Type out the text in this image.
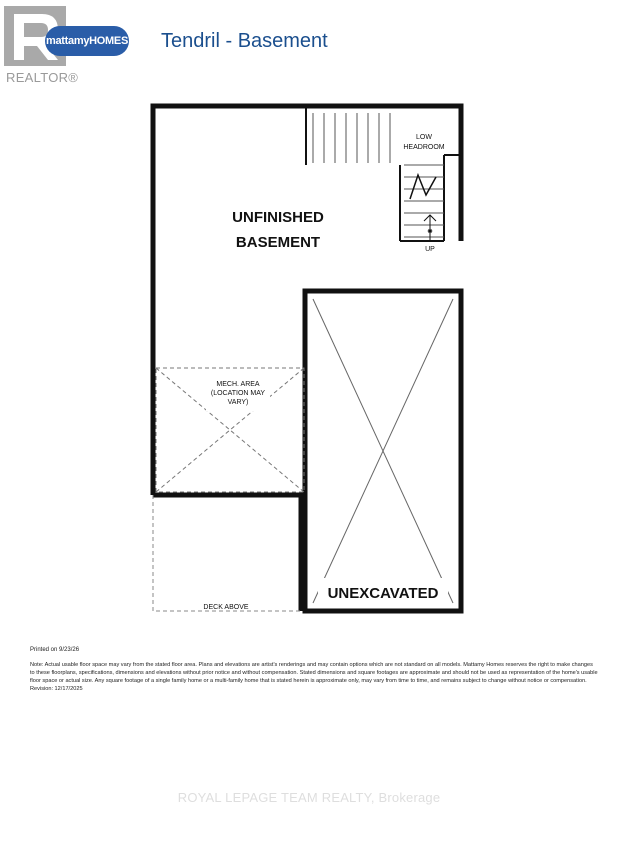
REALTOR®
mattamyHOMES Tendril - Basement
UNFINISHED
BASEMENT
LOW
HEADROOM
UP
MECH. AREA
(LOCATION MAY
VARY)
UNEXCAVATED
DECK ABOVE
Printed on 9/23/26
Note: Actual usable floor space may vary from the stated floor area. Plans and elevations are artist's renderings and may contain options which are not standard on all models. Mattamy Homes reserves the right to make changes to these floorplans, specifications, dimensions and elevations without prior notice and without compensation. Stated dimensions and square footages are approximate and should not be used as representation of the home's usable floor space or actual size. Any square footage of a single family home or a multi-family home that is stated herein is approximate only, may vary from time to time, and remains subject to change without notice or compensation. Revision: 12/17/2025
ROYAL LEPAGE TEAM REALTY, Brokerage
